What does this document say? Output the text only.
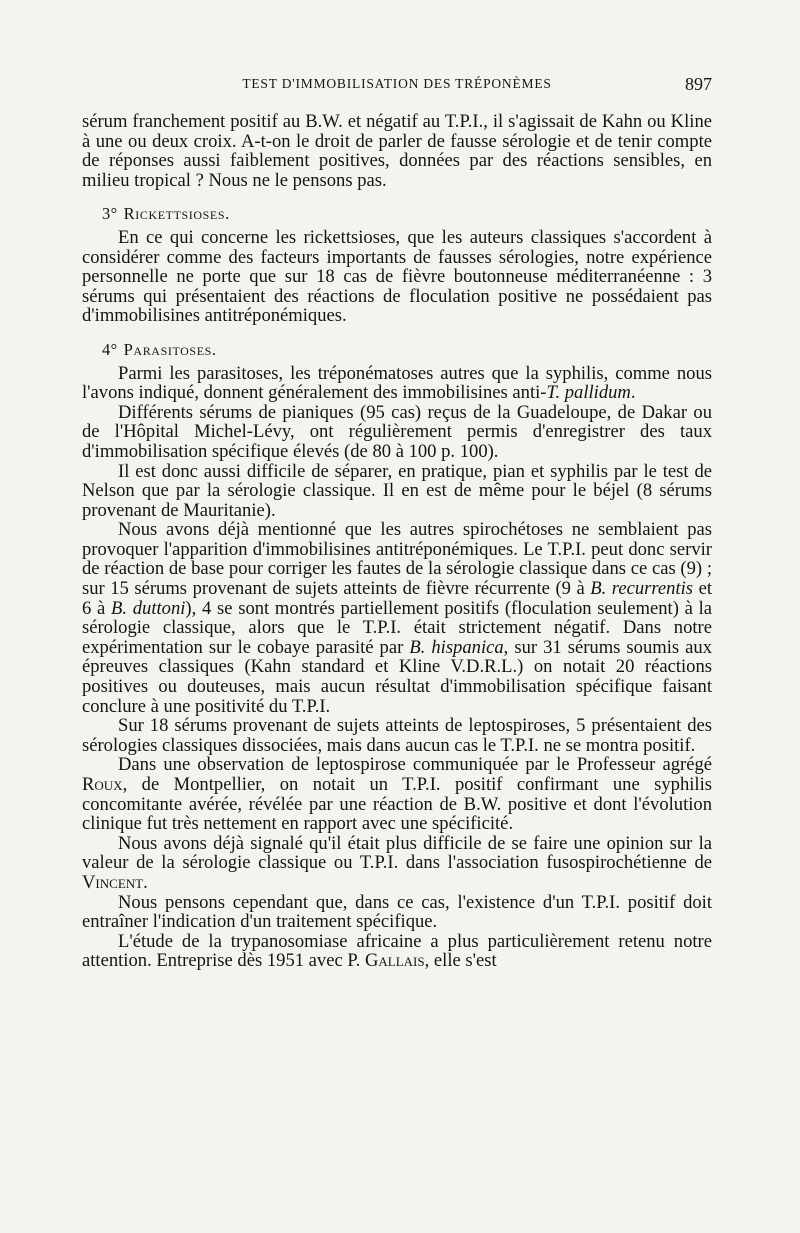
TEST D'IMMOBILISATION DES TRÉPONÈMES	897

sérum franchement positif au B.W. et négatif au T.P.I., il s'agissait de Kahn ou Kline à une ou deux croix. A-t-on le droit de parler de fausse sérologie et de tenir compte de réponses aussi faiblement positives, données par des réactions sensibles, en milieu tropical ? Nous ne le pensons pas.

3° Rickettsioses.

En ce qui concerne les rickettsioses, que les auteurs classiques s'accordent à considérer comme des facteurs importants de fausses sérologies, notre expérience personnelle ne porte que sur 18 cas de fièvre boutonneuse méditerranéenne : 3 sérums qui présentaient des réactions de floculation positive ne possédaient pas d'immobilisines antitréponémiques.

4° Parasitoses.

Parmi les parasitoses, les tréponématoses autres que la syphilis, comme nous l'avons indiqué, donnent généralement des immobilisines anti-T. pallidum.

Différents sérums de pianiques (95 cas) reçus de la Guadeloupe, de Dakar ou de l'Hôpital Michel-Lévy, ont régulièrement permis d'enregistrer des taux d'immobilisation spécifique élevés (de 80 à 100 p. 100).

Il est donc aussi difficile de séparer, en pratique, pian et syphilis par le test de Nelson que par la sérologie classique. Il en est de même pour le béjel (8 sérums provenant de Mauritanie).

Nous avons déjà mentionné que les autres spirochétoses ne semblaient pas provoquer l'apparition d'immobilisines antitréponémiques. Le T.P.I. peut donc servir de réaction de base pour corriger les fautes de la sérologie classique dans ce cas (9) ; sur 15 sérums provenant de sujets atteints de fièvre récurrente (9 à B. recurrentis et 6 à B. duttoni), 4 se sont montrés partiellement positifs (floculation seulement) à la sérologie classique, alors que le T.P.I. était strictement négatif. Dans notre expérimentation sur le cobaye parasité par B. hispanica, sur 31 sérums soumis aux épreuves classiques (Kahn standard et Kline V.D.R.L.) on notait 20 réactions positives ou douteuses, mais aucun résultat d'immobilisation spécifique faisant conclure à une positivité du T.P.I.

Sur 18 sérums provenant de sujets atteints de leptospiroses, 5 présentaient des sérologies classiques dissociées, mais dans aucun cas le T.P.I. ne se montra positif.

Dans une observation de leptospirose communiquée par le Professeur agrégé Roux, de Montpellier, on notait un T.P.I. positif confirmant une syphilis concomitante avérée, révélée par une réaction de B.W. positive et dont l'évolution clinique fut très nettement en rapport avec une spécificité.

Nous avons déjà signalé qu'il était plus difficile de se faire une opinion sur la valeur de la sérologie classique ou T.P.I. dans l'association fusospirochétienne de Vincent.

Nous pensons cependant que, dans ce cas, l'existence d'un T.P.I. positif doit entraîner l'indication d'un traitement spécifique.

L'étude de la trypanosomiase africaine a plus particulièrement retenu notre attention. Entreprise dès 1951 avec P. Gallais, elle s'est
